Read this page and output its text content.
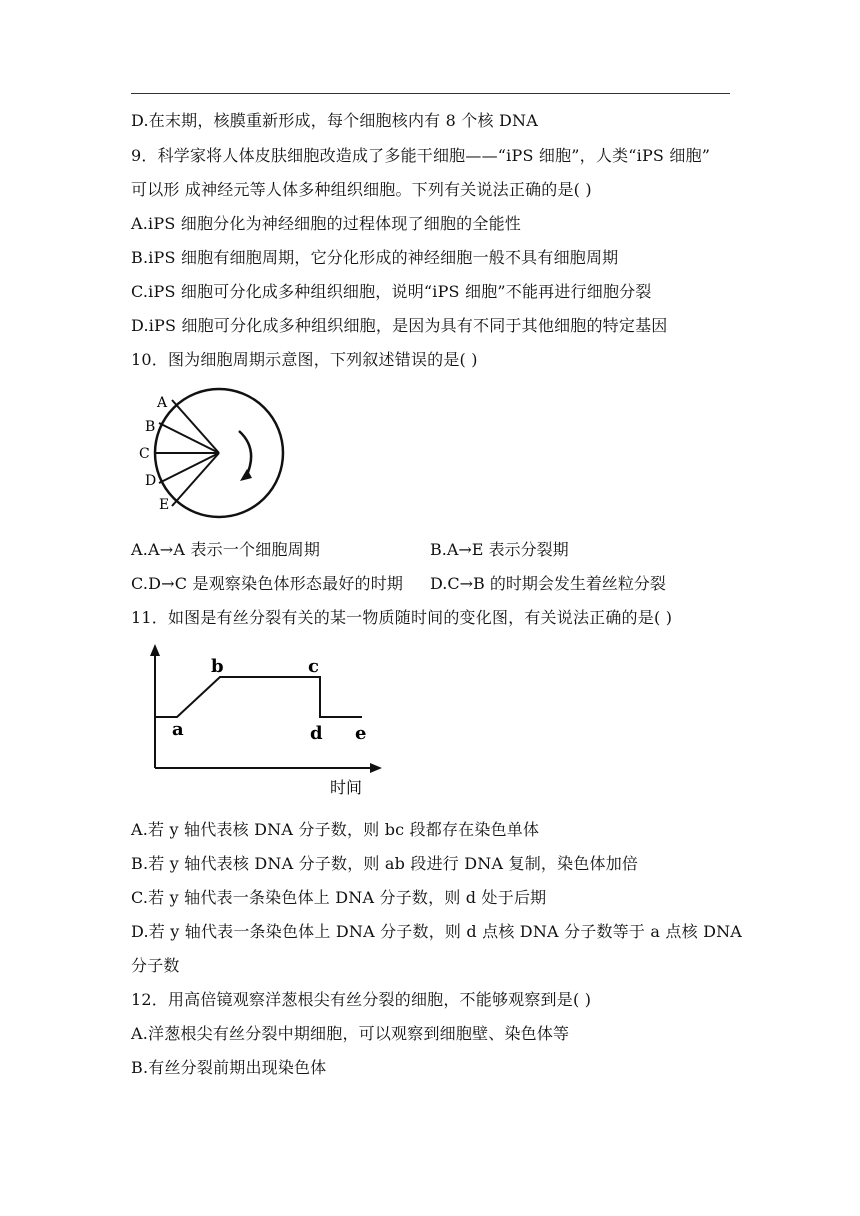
D.在末期，核膜重新形成，每个细胞核内有 8 个核 DNA
9．科学家将人体皮肤细胞改造成了多能干细胞——“iPS 细胞”，人类“iPS 细胞”
可以形 成神经元等人体多种组织细胞。下列有关说法正确的是( )
A.iPS 细胞分化为神经细胞的过程体现了细胞的全能性
B.iPS 细胞有细胞周期，它分化形成的神经细胞一般不具有细胞周期
C.iPS 细胞可分化成多种组织细胞，说明“iPS 细胞”不能再进行细胞分裂
D.iPS 细胞可分化成多种组织细胞，是因为具有不同于其他细胞的特定基因
10．图为细胞周期示意图，下列叙述错误的是( )
A
B
C
D
E
A.A→A 表示一个细胞周期	B.A→E 表示分裂期
C.D→C 是观察染色体形态最好的时期 D.C→B 的时期会发生着丝粒分裂
11．如图是有丝分裂有关的某一物质随时间的变化图，有关说法正确的是( )
a
b	c
d e
时间
A.若 y 轴代表核 DNA 分子数，则 bc 段都存在染色单体
B.若 y 轴代表核 DNA 分子数，则 ab 段进行 DNA 复制，染色体加倍
C.若 y 轴代表一条染色体上 DNA 分子数，则 d 处于后期
D.若 y 轴代表一条染色体上 DNA 分子数，则 d 点核 DNA 分子数等于 a 点核 DNA
分子数
12．用高倍镜观察洋葱根尖有丝分裂的细胞，不能够观察到是( )
A.洋葱根尖有丝分裂中期细胞，可以观察到细胞壁、染色体等
B.有丝分裂前期出现染色体
